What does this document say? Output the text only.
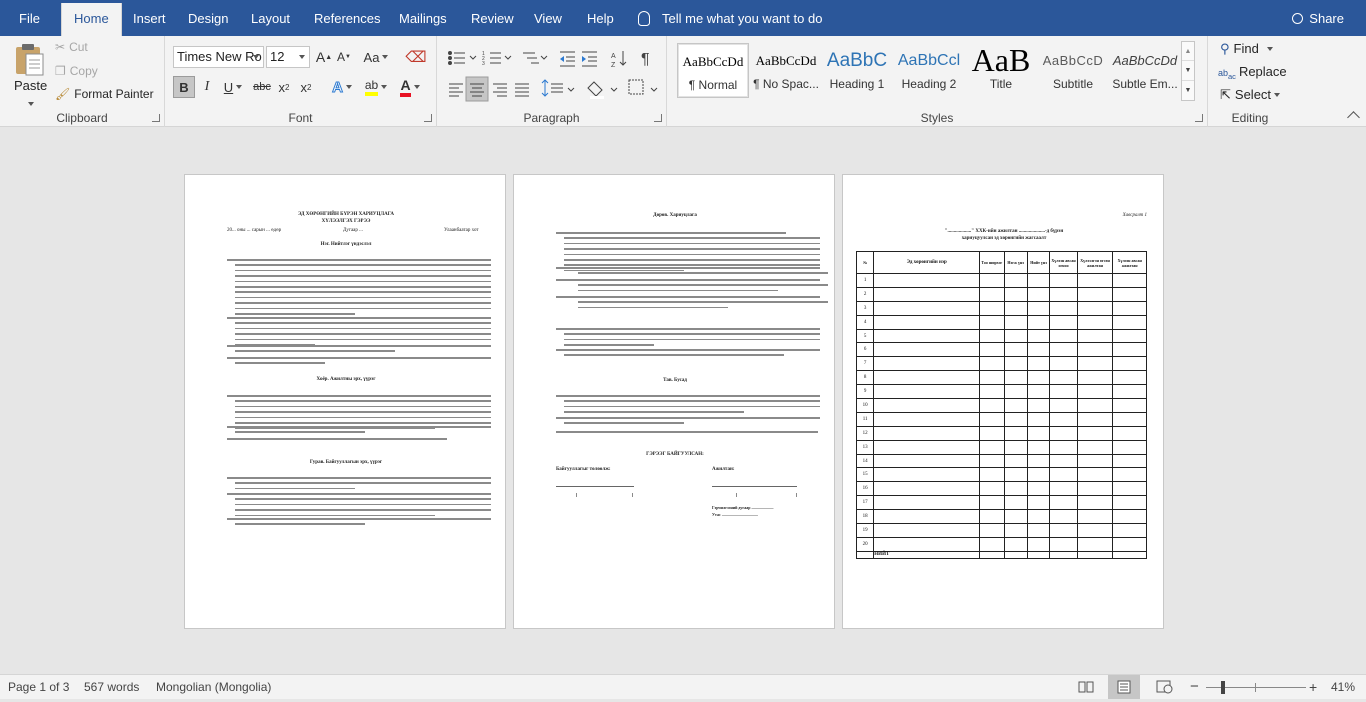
File	Home	Insert	Design	Layout	References	Mailings	Review	View	Help	Tell me what you want to do	Share
Paste
✂ Cut
❐ Copy
🖌 Format Painter
Clipboard
Times New Ro 12	A ▲ A ▼ Aa ⌫
B I U abc x 2 x 2 A ab A
Font
1
2
3
A
Z ¶
Paragraph
AaBbCcDd
¶ Normal
AaBbCcDd
¶ No Spac...
AaBbC
Heading 1
AaBbCcl
Heading 2
AaB
Title
AaBbCcD
Subtitle
AaBbCcDd
Subtle Em...
▲
▼
▼
Styles
⚲ Find
$ab_{ac}$ Replace
⇱ Select
Editing
ЭД ХӨРӨНГИЙН БҮРЭН ХАРИУЦЛАГА
ХҮЛЭЭЛГЭХ ГЭРЭЭ
20... оны ... сарын ... өдөр	Дугаар ...	Улаанбаатар хот
Нэг. Нийтлэг үндэслэл
Хоёр. Ажилтны эрх, үүрэг
Гурав. Байгууллагын эрх, үүрэг
Дөрөв. Хариуцлага
Тав. Бусад
ГЭРЭЭГ БАЙГУУЛСАН:
Байгууллагыг төлөөлж:	Ажилтан:
Гэрчилгээний дугаар ......................
Утас ....................................
Хавсралт 1
"..................." ХХК-ийн ажилтан .....................-д бүрэн
хариуцуулсан эд хөрөнгийн жагсаалт
№	Эд хөрөнгийн нэр	Тоо ширхэг	Нэгж үнэ	Нийт үнэ	Хүлээн авсан огноо	Хүлээлгэн өгсөн ажилтан	Хүлээн авсан ажилтан
1							
2							
3							
4							
5							
6							
7							
8							
9							
10							
11							
12							
13							
14							
15							
16							
17							
18							
19							
20							
	НИЙТ						
Page 1 of 3 567 words Mongolian (Mongolia)	−	+ 41%
